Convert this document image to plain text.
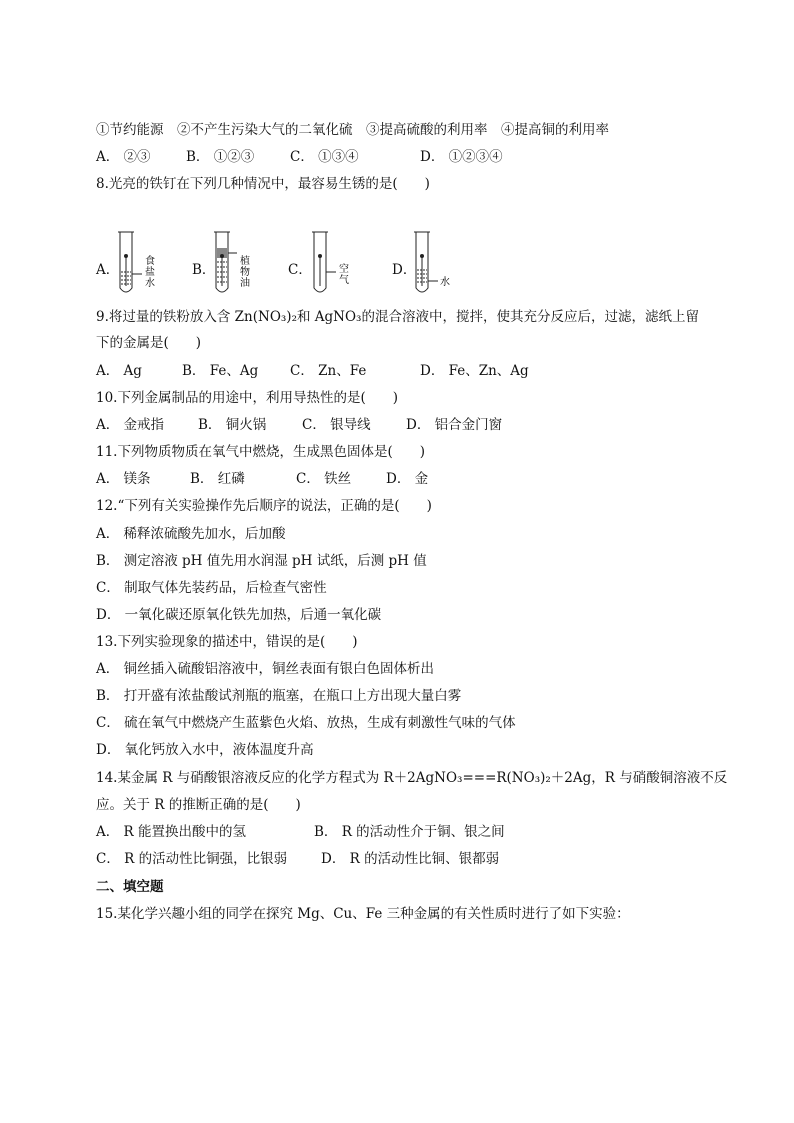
①节约能源　②不产生污染大气的二氧化硫　③提高硫酸的利用率　④提高铜的利用率
A． ②③	B． ①②③	C． ①③④	D． ①②③④
8.光亮的铁钉在下列几种情况中，最容易生锈的是(　　)
A．	B．	C．	D．
食
盐
水
植
物
油
空
气	水
9.将过量的铁粉放入含 Zn(NO₃)₂和 AgNO₃的混合溶液中，搅拌，使其充分反应后，过滤，滤纸上留
下的金属是(　　)
A． Ag	B． Fe、Ag C． Zn、Fe	D． Fe、Zn、Ag
10.下列金属制品的用途中，利用导热性的是(　　)
A． 金戒指	B． 铜火锅	C． 银导线	D． 铝合金门窗
11.下列物质物质在氧气中燃烧，生成黑色固体是(　　)
A． 镁条	B． 红磷	C． 铁丝	D． 金
12.“下列有关实验操作先后顺序的说法，正确的是(　　)
A． 稀释浓硫酸先加水，后加酸
B． 测定溶液 pH 值先用水润湿 pH 试纸，后测 pH 值
C． 制取气体先装药品，后检查气密性
D． 一氧化碳还原氧化铁先加热，后通一氧化碳
13.下列实验现象的描述中，错误的是(　　)
A． 铜丝插入硫酸铝溶液中，铜丝表面有银白色固体析出
B． 打开盛有浓盐酸试剂瓶的瓶塞，在瓶口上方出现大量白雾
C． 硫在氧气中燃烧产生蓝紫色火焰、放热，生成有刺激性气味的气体
D． 氧化钙放入水中，液体温度升高
14.某金属 R 与硝酸银溶液反应的化学方程式为 R＋2AgNO₃===R(NO₃)₂＋2Ag，R 与硝酸铜溶液不反
应。关于 R 的推断正确的是(　　)
A． R 能置换出酸中的氢	B． R 的活动性介于铜、银之间
C． R 的活动性比铜强，比银弱	D． R 的活动性比铜、银都弱
二、填空题
15.某化学兴趣小组的同学在探究 Mg、Cu、Fe 三种金属的有关性质时进行了如下实验：
